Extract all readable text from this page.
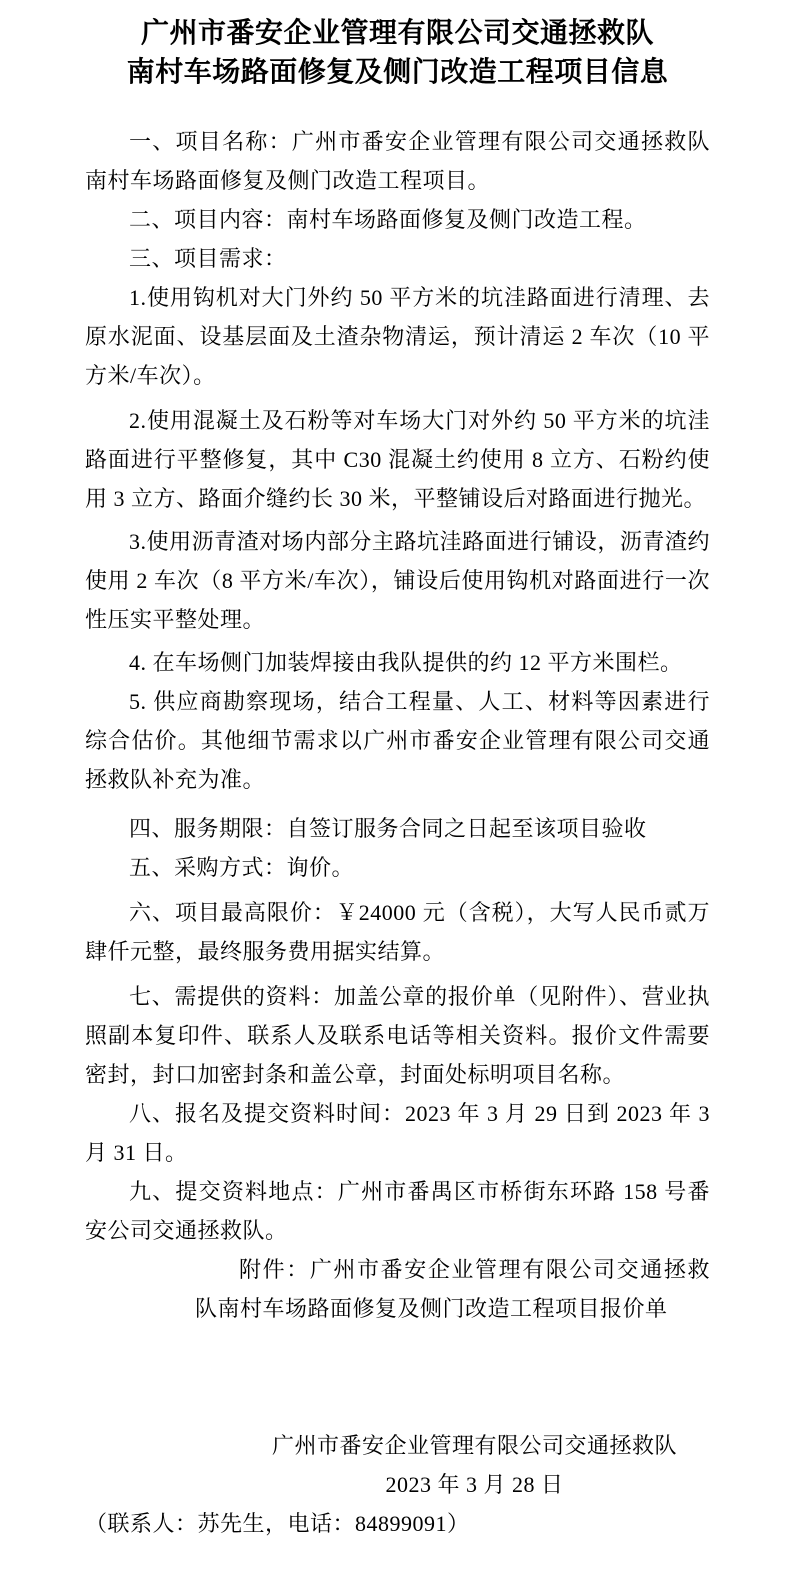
广州市番安企业管理有限公司交通拯救队
南村车场路面修复及侧门改造工程项目信息

一、项目名称：广州市番安企业管理有限公司交通拯救队南村车场路面修复及侧门改造工程项目。

二、项目内容：南村车场路面修复及侧门改造工程。

三、项目需求：

1.使用钩机对大门外约 50 平方米的坑洼路面进行清理、去原水泥面、设基层面及土渣杂物清运，预计清运 2 车次（10 平方米/车次）。

2.使用混凝土及石粉等对车场大门对外约 50 平方米的坑洼路面进行平整修复，其中 C30 混凝土约使用 8 立方、石粉约使用 3 立方、路面介缝约长 30 米，平整铺设后对路面进行抛光。

3.使用沥青渣对场内部分主路坑洼路面进行铺设，沥青渣约使用 2 车次（8 平方米/车次），铺设后使用钩机对路面进行一次性压实平整处理。

4. 在车场侧门加装焊接由我队提供的约 12 平方米围栏。

5. 供应商勘察现场，结合工程量、人工、材料等因素进行综合估价。其他细节需求以广州市番安企业管理有限公司交通拯救队补充为准。

四、服务期限：自签订服务合同之日起至该项目验收

五、采购方式：询价。

六、项目最高限价：￥24000 元（含税），大写人民币贰万肆仟元整，最终服务费用据实结算。

七、需提供的资料：加盖公章的报价单（见附件）、营业执照副本复印件、联系人及联系电话等相关资料。报价文件需要密封，封口加密封条和盖公章，封面处标明项目名称。

八、报名及提交资料时间：2023 年 3 月 29 日到 2023 年 3 月 31 日。

九、提交资料地点：广州市番禺区市桥街东环路 158 号番安公司交通拯救队。

附件：广州市番安企业管理有限公司交通拯救队南村车场路面修复及侧门改造工程项目报价单

广州市番安企业管理有限公司交通拯救队
2023 年 3 月 28 日

（联系人：苏先生，电话：84899091）
